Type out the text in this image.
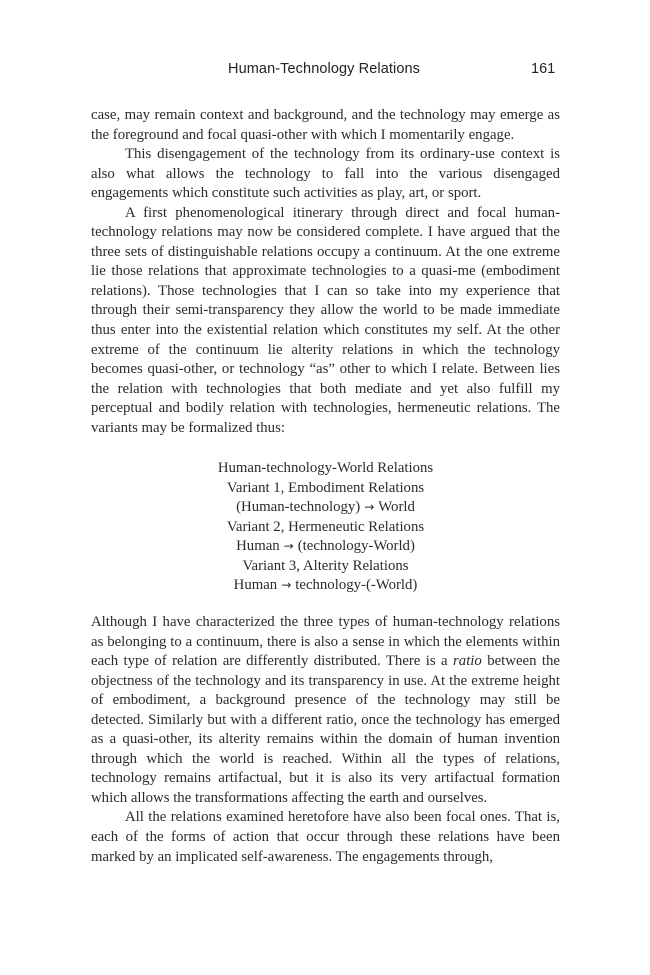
Human-Technology Relations	161

case, may remain context and background, and the technology may emerge as the foreground and focal quasi-other with which I momentarily engage.

This disengagement of the technology from its ordinary-use context is also what allows the technology to fall into the various disengaged engagements which constitute such activities as play, art, or sport.

A first phenomenological itinerary through direct and focal human-technology relations may now be considered complete. I have argued that the three sets of distinguishable relations occupy a continuum. At the one extreme lie those relations that approximate technologies to a quasi-me (embodiment relations). Those technologies that I can so take into my experience that through their semi-transparency they allow the world to be made immediate thus enter into the existential relation which constitutes my self. At the other extreme of the continuum lie alterity relations in which the technology becomes quasi-other, or technology “as” other to which I relate. Between lies the relation with technologies that both mediate and yet also fulfill my perceptual and bodily relation with technologies, hermeneutic relations. The variants may be formalized thus:

Human-technology-World Relations
Variant 1, Embodiment Relations
(Human-technology) → World
Variant 2, Hermeneutic Relations
Human → (technology-World)
Variant 3, Alterity Relations
Human → technology-(-World)

Although I have characterized the three types of human-technology relations as belonging to a continuum, there is also a sense in which the elements within each type of relation are differently distributed. There is a ratio between the objectness of the technology and its transparency in use. At the extreme height of embodiment, a background presence of the technology may still be detected. Similarly but with a different ratio, once the technology has emerged as a quasi-other, its alterity remains within the domain of human invention through which the world is reached. Within all the types of relations, technology remains artifactual, but it is also its very artifactual formation which allows the transformations affecting the earth and ourselves.

All the relations examined heretofore have also been focal ones. That is, each of the forms of action that occur through these relations have been marked by an implicated self-awareness. The engagements through,
